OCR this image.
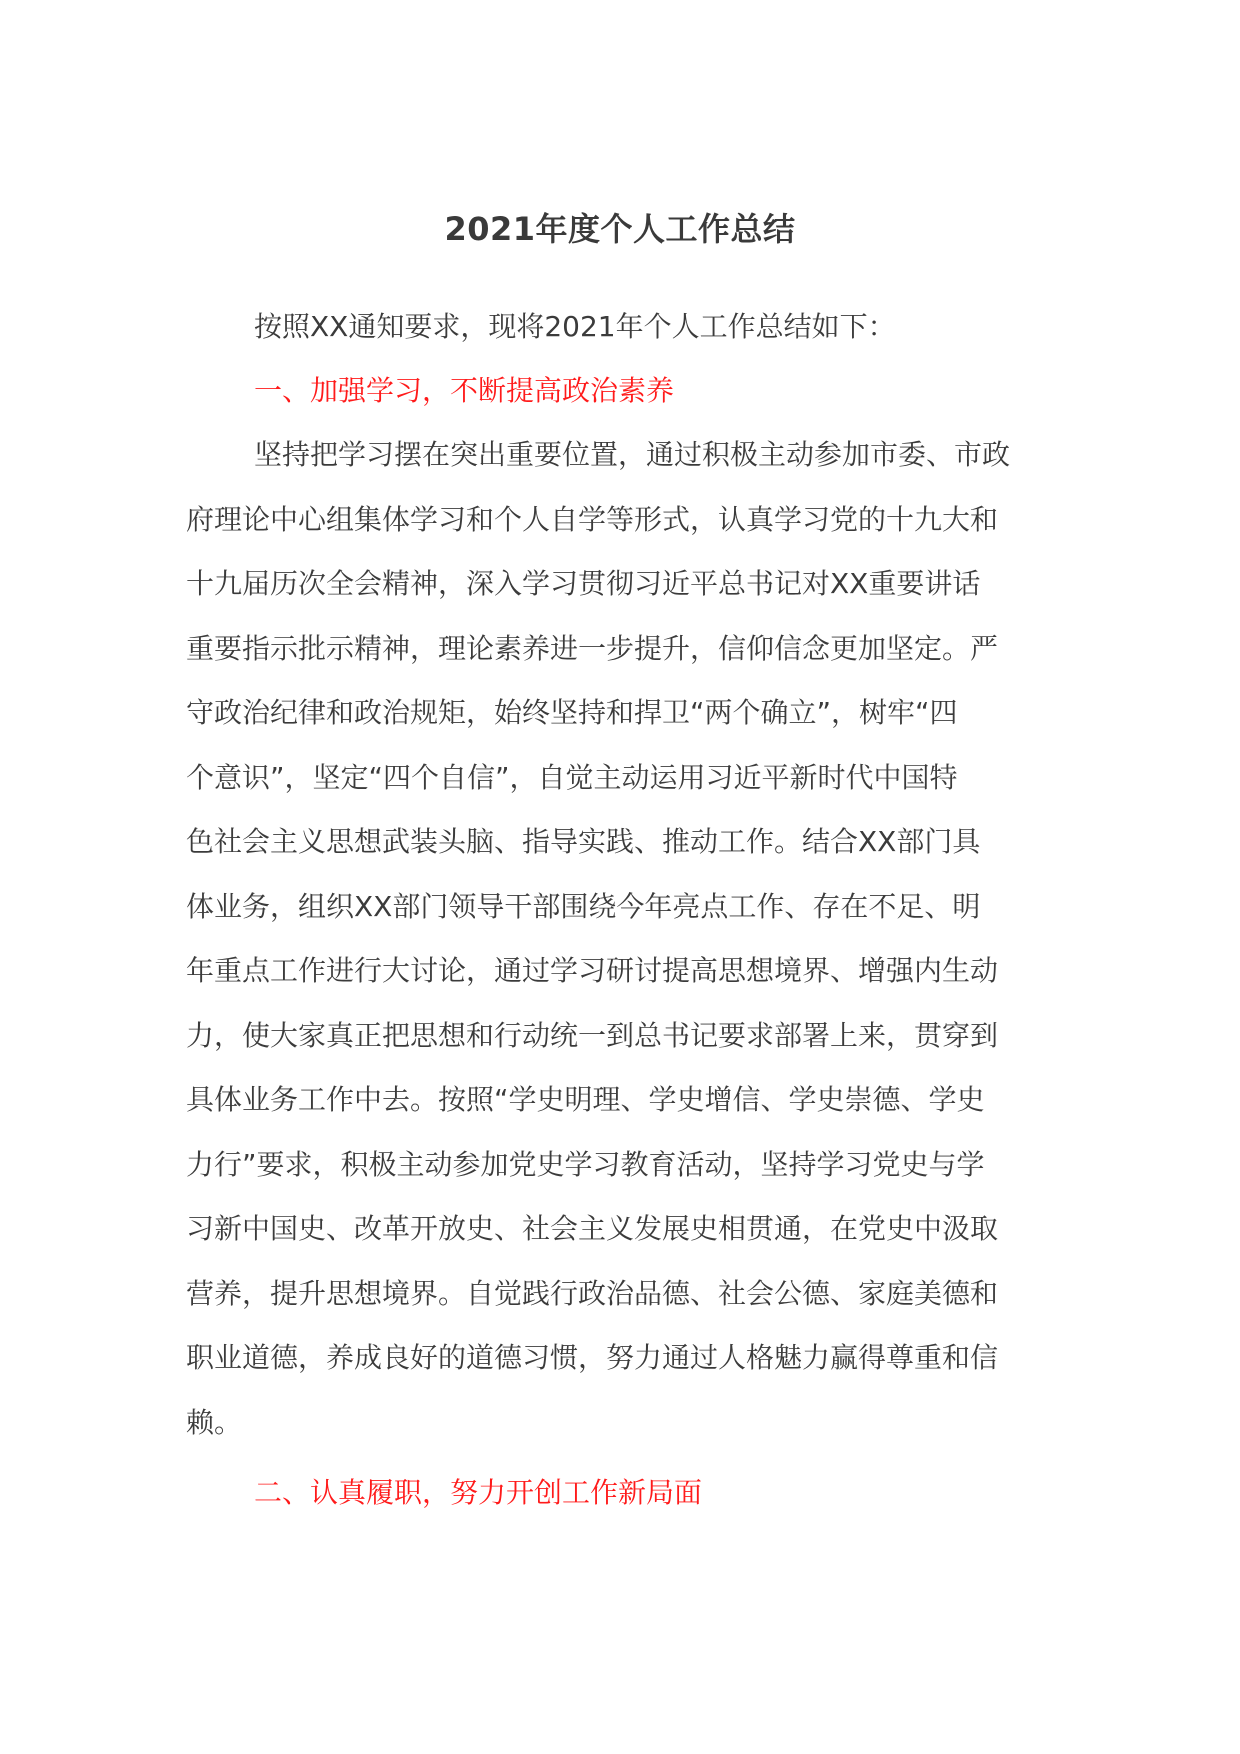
2021年度个人工作总结
按照XX通知要求，现将2021年个人工作总结如下：
一、加强学习，不断提高政治素养
坚持把学习摆在突出重要位置，通过积极主动参加市委、市政
府理论中心组集体学习和个人自学等形式，认真学习党的十九大和
十九届历次全会精神，深入学习贯彻习近平总书记对XX重要讲话
重要指示批示精神，理论素养进一步提升，信仰信念更加坚定。严
守政治纪律和政治规矩，始终坚持和捍卫“两个确立”，树牢“四
个意识”，坚定“四个自信”，自觉主动运用习近平新时代中国特
色社会主义思想武装头脑、指导实践、推动工作。结合XX部门具
体业务，组织XX部门领导干部围绕今年亮点工作、存在不足、明
年重点工作进行大讨论，通过学习研讨提高思想境界、增强内生动
力，使大家真正把思想和行动统一到总书记要求部署上来，贯穿到
具体业务工作中去。按照“学史明理、学史增信、学史崇德、学史
力行”要求，积极主动参加党史学习教育活动，坚持学习党史与学
习新中国史、改革开放史、社会主义发展史相贯通，在党史中汲取
营养，提升思想境界。自觉践行政治品德、社会公德、家庭美德和
职业道德，养成良好的道德习惯，努力通过人格魅力赢得尊重和信
赖。
二、认真履职，努力开创工作新局面
